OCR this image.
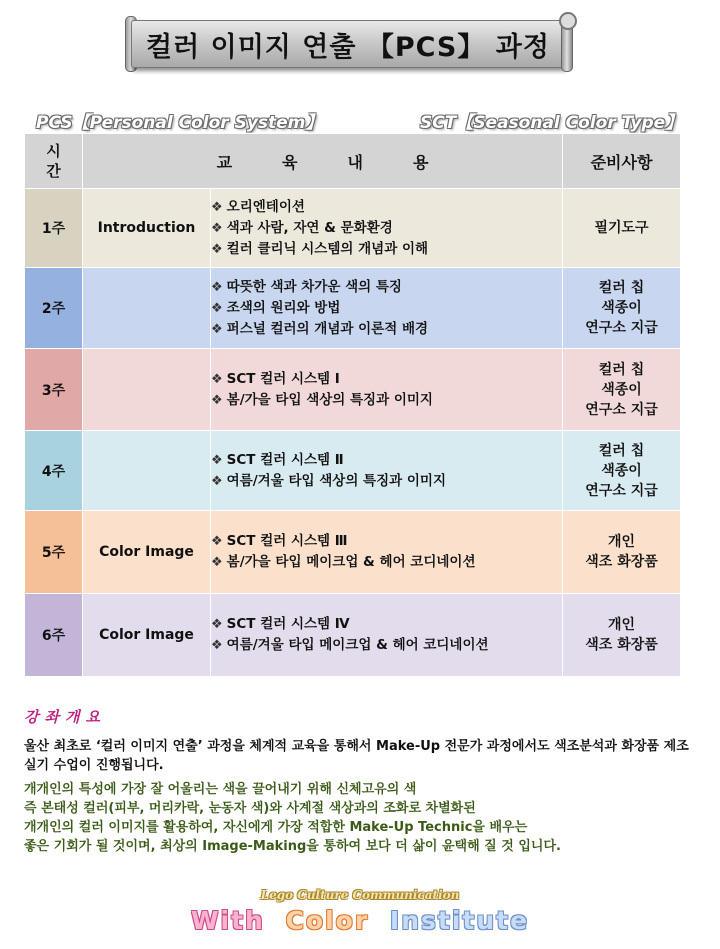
컬러 이미지 연출 【PCS】 과정
PCS【Personal Color System】	SCT【Seasonal Color Type】
시
간	교육내용		준비사항
1주	Introduction	❖ 오리엔테이션
❖ 색과 사람, 자연 & 문화환경
❖ 컬러 클리닉 시스템의 개념과 이해	필기도구
2주		❖ 따뜻한 색과 차가운 색의 특징
❖ 조색의 원리와 방법
❖ 퍼스널 컬러의 개념과 이론적 배경	컬러 칩
색종이
연구소 지급
3주		❖ SCT 컬러 시스템 Ⅰ
❖ 봄/가을 타입 색상의 특징과 이미지	컬러 칩
색종이
연구소 지급
4주		❖ SCT 컬러 시스템 Ⅱ
❖ 여름/겨울 타입 색상의 특징과 이미지	컬러 칩
색종이
연구소 지급
5주	Color Image	❖ SCT 컬러 시스템 Ⅲ
❖ 봄/가을 타입 메이크업 & 헤어 코디네이션	개인
색조 화장품
6주	Color Image	❖ SCT 컬러 시스템 Ⅳ
❖ 여름/겨울 타입 메이크업 & 헤어 코디네이션	개인
색조 화장품
강좌개요
울산 최초로 ‘컬러 이미지 연출’ 과정을 체계적 교육을 통해서 Make-Up 전문가 과정에서도 색조분석과 화장품 제조 실기 수업이 진행됩니다.
개개인의 특성에 가장 잘 어울리는 색을 끌어내기 위해 신체고유의 색
즉 본태성 컬러(피부, 머리카락, 눈동자 색)와 사계절 색상과의 조화로 차별화된
개개인의 컬러 이미지를 활용하여, 자신에게 가장 적합한 Make-Up Technic을 배우는
좋은 기회가 될 것이며, 최상의 Image-Making을 통하여 보다 더 삶이 윤택해 질 것 입니다.
Lego Culture Communication
With Color Institute
